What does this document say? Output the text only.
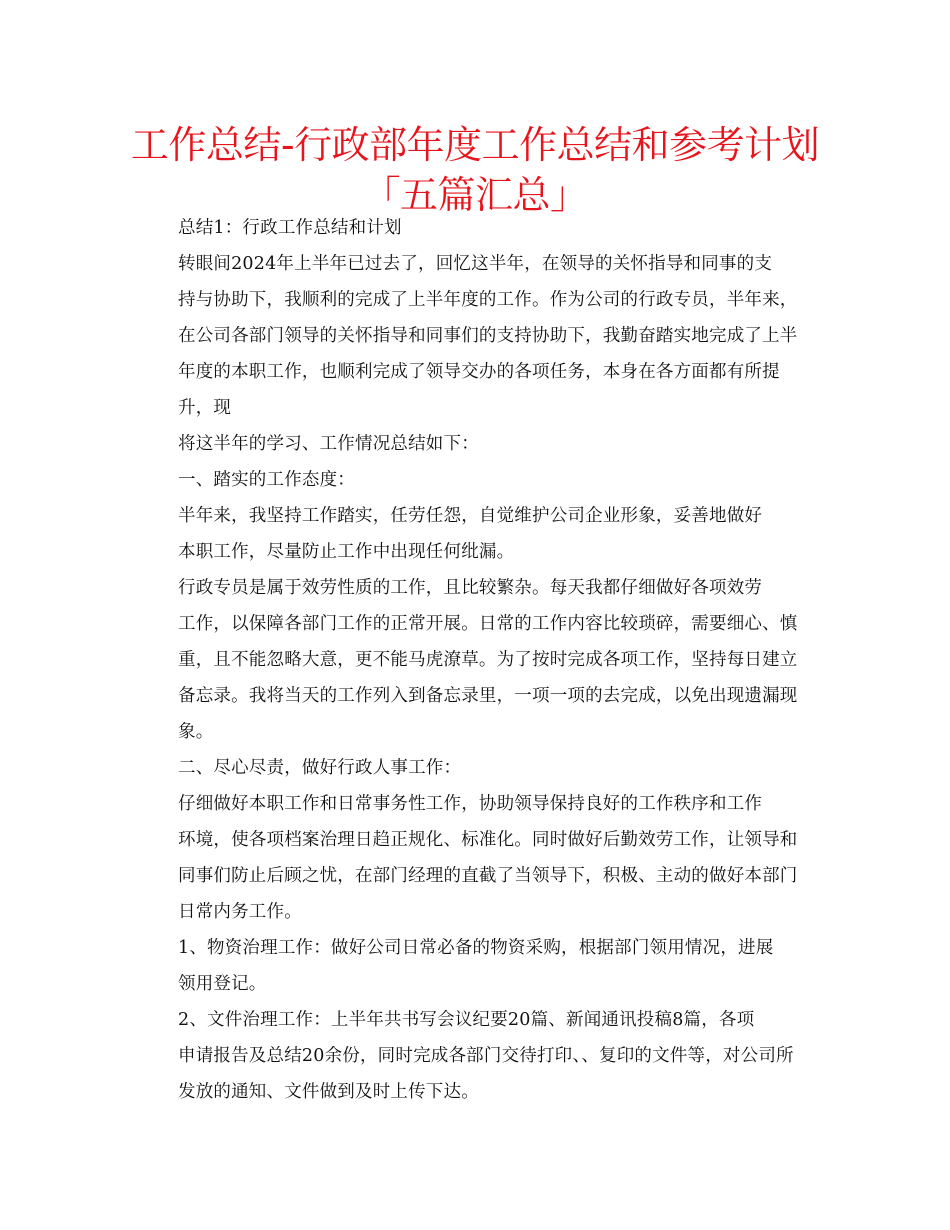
工作总结-行政部年度工作总结和参考计划
「五篇汇总」

总结1：行政工作总结和计划

转眼间2024年上半年已过去了，回忆这半年，在领导的关怀指导和同事的支
持与协助下，我顺利的完成了上半年度的工作。作为公司的行政专员，半年来，
在公司各部门领导的关怀指导和同事们的支持协助下，我勤奋踏实地完成了上半
年度的本职工作，也顺利完成了领导交办的各项任务，本身在各方面都有所提
升，现

将这半年的学习、工作情况总结如下：

一、踏实的工作态度：

半年来，我坚持工作踏实，任劳任怨，自觉维护公司企业形象，妥善地做好
本职工作，尽量防止工作中出现任何纰漏。

行政专员是属于效劳性质的工作，且比较繁杂。每天我都仔细做好各项效劳
工作，以保障各部门工作的正常开展。日常的工作内容比较琐碎，需要细心、慎
重，且不能忽略大意，更不能马虎潦草。为了按时完成各项工作，坚持每日建立
备忘录。我将当天的工作列入到备忘录里，一项一项的去完成，以免出现遗漏现
象。

二、尽心尽责，做好行政人事工作：

仔细做好本职工作和日常事务性工作，协助领导保持良好的工作秩序和工作
环境，使各项档案治理日趋正规化、标准化。同时做好后勤效劳工作，让领导和
同事们防止后顾之忧，在部门经理的直截了当领导下，积极、主动的做好本部门
日常内务工作。

1、物资治理工作：做好公司日常必备的物资采购，根据部门领用情况，进展
领用登记。

2、文件治理工作：上半年共书写会议纪要20篇、新闻通讯投稿8篇，各项
申请报告及总结20余份，同时完成各部门交待打印、、复印的文件等，对公司所
发放的通知、文件做到及时上传下达。
